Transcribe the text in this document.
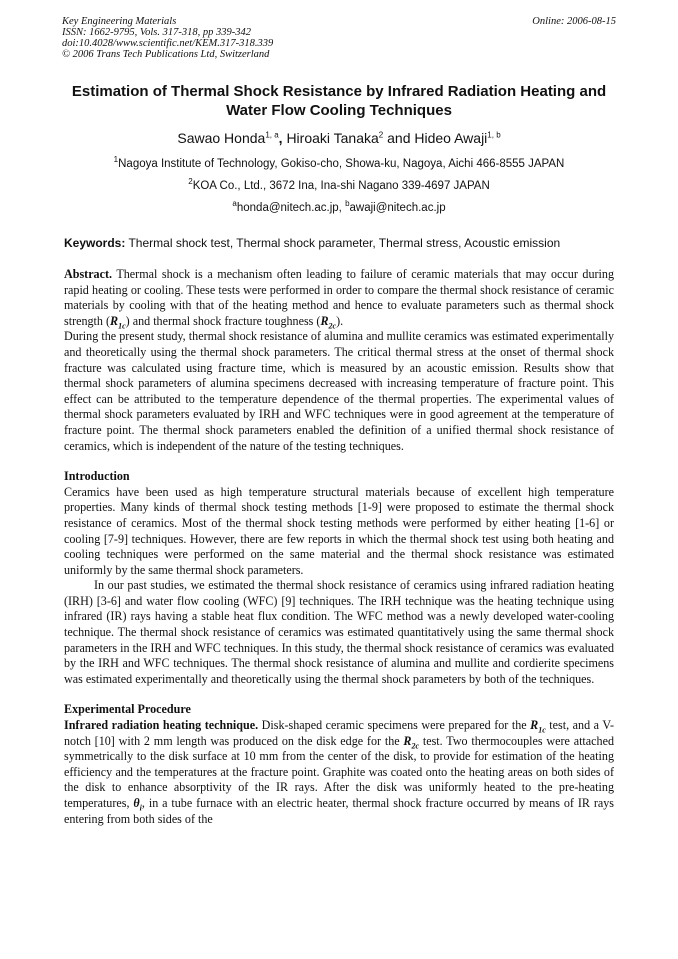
Key Engineering Materials
ISSN: 1662-9795, Vols. 317-318, pp 339-342
doi:10.4028/www.scientific.net/KEM.317-318.339
© 2006 Trans Tech Publications Ltd, Switzerland
Online: 2006-08-15
Estimation of Thermal Shock Resistance by Infrared Radiation Heating and Water Flow Cooling Techniques
Sawao Honda$^{1, a}$, Hiroaki Tanaka$^2$ and Hideo Awaji$^{1, b}$
$^1$Nagoya Institute of Technology, Gokiso-cho, Showa-ku, Nagoya, Aichi 466-8555 JAPAN
$^2$KOA Co., Ltd., 3672 Ina, Ina-shi Nagano 339-4697 JAPAN
$^a$honda@nitech.ac.jp, $^b$awaji@nitech.ac.jp
Keywords: Thermal shock test, Thermal shock parameter, Thermal stress, Acoustic emission

Abstract. Thermal shock is a mechanism often leading to failure of ceramic materials that may occur during rapid heating or cooling. These tests were performed in order to compare the thermal shock resistance of ceramic materials by cooling with that of the heating method and hence to evaluate parameters such as thermal shock strength $(R_{1c})$ and thermal shock fracture toughness $(R_{2c})$.

During the present study, thermal shock resistance of alumina and mullite ceramics was estimated experimentally and theoretically using the thermal shock parameters. The critical thermal stress at the onset of thermal shock fracture was calculated using fracture time, which is measured by an acoustic emission. Results show that thermal shock parameters of alumina specimens decreased with increasing temperature of fracture point. This effect can be attributed to the temperature dependence of the thermal properties. The experimental values of thermal shock parameters evaluated by IRH and WFC techniques were in good agreement at the temperature of fracture point. The thermal shock parameters enabled the definition of a unified thermal shock resistance of ceramics, which is independent of the nature of the testing techniques.

Introduction

Ceramics have been used as high temperature structural materials because of excellent high temperature properties. Many kinds of thermal shock testing methods [1-9] were proposed to estimate the thermal shock resistance of ceramics. Most of the thermal shock testing methods were performed by either heating [1-6] or cooling [7-9] techniques. However, there are few reports in which the thermal shock test using both heating and cooling techniques were performed on the same material and the thermal shock resistance was estimated uniformly by the same thermal shock parameters.

In our past studies, we estimated the thermal shock resistance of ceramics using infrared radiation heating (IRH) [3-6] and water flow cooling (WFC) [9] techniques. The IRH technique was the heating technique using infrared (IR) rays having a stable heat flux condition. The WFC method was a newly developed water-cooling technique. The thermal shock resistance of ceramics was estimated quantitatively using the same thermal shock parameters in the IRH and WFC techniques. In this study, the thermal shock resistance of ceramics was evaluated by the IRH and WFC techniques. The thermal shock resistance of alumina and mullite and cordierite specimens was estimated experimentally and theoretically using the thermal shock parameters by both of the techniques.

Experimental Procedure

Infrared radiation heating technique. Disk-shaped ceramic specimens were prepared for the $R_{1c}$ test, and a V-notch [10] with 2 mm length was produced on the disk edge for the $R_{2c}$ test. Two thermocouples were attached symmetrically to the disk surface at 10 mm from the center of the disk, to provide for estimation of the heating efficiency and the temperatures at the fracture point. Graphite was coated onto the heating areas on both sides of the disk to enhance absorptivity of the IR rays. After the disk was uniformly heated to the pre-heating temperatures, $\theta_i$, in a tube furnace with an electric heater, thermal shock fracture occurred by means of IR rays entering from both sides of the
